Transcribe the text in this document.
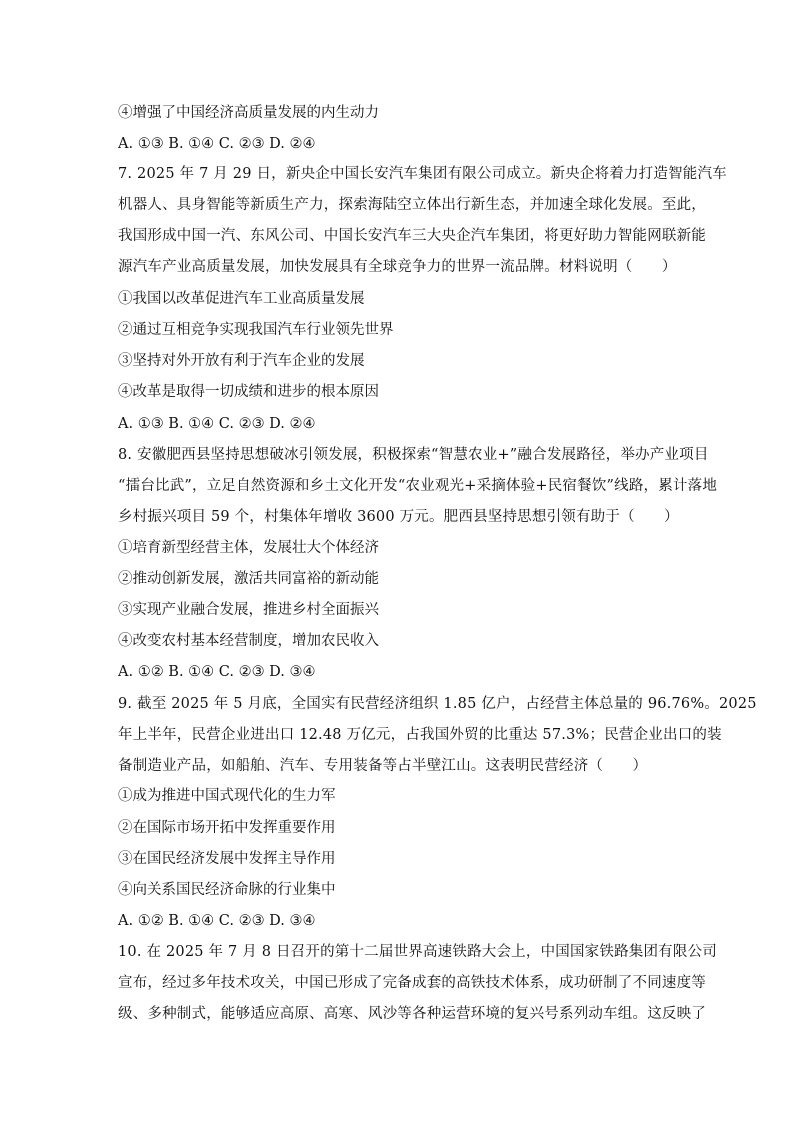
④增强了中国经济高质量发展的内生动力
A. ①③ B. ①④ C. ②③ D. ②④
7. 2025 年 7 月 29 日，新央企中国长安汽车集团有限公司成立。新央企将着力打造智能汽车
机器人、具身智能等新质生产力，探索海陆空立体出行新生态，并加速全球化发展。至此，
我国形成中国一汽、东风公司、中国长安汽车三大央企汽车集团，将更好助力智能网联新能
源汽车产业高质量发展，加快发展具有全球竞争力的世界一流品牌。材料说明（　　）
①我国以改革促进汽车工业高质量发展
②通过互相竞争实现我国汽车行业领先世界
③坚持对外开放有利于汽车企业的发展
④改革是取得一切成绩和进步的根本原因
A. ①③ B. ①④ C. ②③ D. ②④
8. 安徽肥西县坚持思想破冰引领发展，积极探索“智慧农业+”融合发展路径，举办产业项目
“擂台比武”，立足自然资源和乡土文化开发“农业观光+采摘体验+民宿餐饮”线路，累计落地
乡村振兴项目 59 个，村集体年增收 3600 万元。肥西县坚持思想引领有助于（　　）
①培育新型经营主体，发展壮大个体经济
②推动创新发展，激活共同富裕的新动能
③实现产业融合发展，推进乡村全面振兴
④改变农村基本经营制度，增加农民收入
A. ①② B. ①④ C. ②③ D. ③④
9. 截至 2025 年 5 月底，全国实有民营经济组织 1.85 亿户，占经营主体总量的 96.76%。2025
年上半年，民营企业进出口 12.48 万亿元，占我国外贸的比重达 57.3%；民营企业出口的装
备制造业产品，如船舶、汽车、专用装备等占半壁江山。这表明民营经济（　　）
①成为推进中国式现代化的生力军
②在国际市场开拓中发挥重要作用
③在国民经济发展中发挥主导作用
④向关系国民经济命脉的行业集中
A. ①② B. ①④ C. ②③ D. ③④
10. 在 2025 年 7 月 8 日召开的第十二届世界高速铁路大会上，中国国家铁路集团有限公司
宣布，经过多年技术攻关，中国已形成了完备成套的高铁技术体系，成功研制了不同速度等
级、多种制式，能够适应高原、高寒、风沙等各种运营环境的复兴号系列动车组。这反映了
